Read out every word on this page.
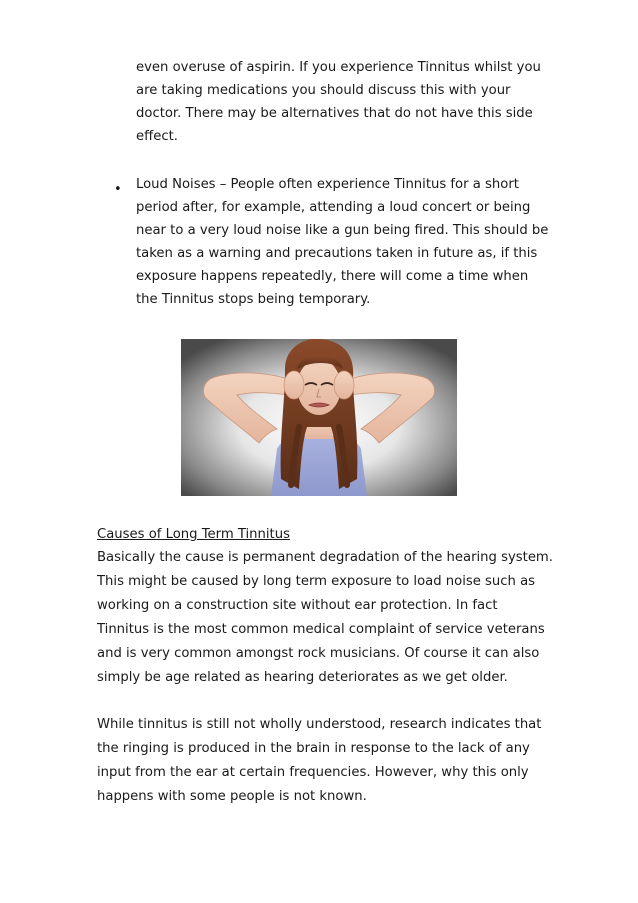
even overuse of aspirin. If you experience Tinnitus whilst you

are taking medications you should discuss this with your

doctor. There may be alternatives that do not have this side

effect.

• Loud Noises – People often experience Tinnitus for a short

period after, for example, attending a loud concert or being

near to a very loud noise like a gun being fired. This should be

taken as a warning and precautions taken in future as, if this

exposure happens repeatedly, there will come a time when

the Tinnitus stops being temporary.

Causes of Long Term Tinnitus

Basically the cause is permanent degradation of the hearing system.

This might be caused by long term exposure to load noise such as

working on a construction site without ear protection. In fact

Tinnitus is the most common medical complaint of service veterans

and is very common amongst rock musicians. Of course it can also

simply be age related as hearing deteriorates as we get older.

While tinnitus is still not wholly understood, research indicates that

the ringing is produced in the brain in response to the lack of any

input from the ear at certain frequencies. However, why this only

happens with some people is not known.
